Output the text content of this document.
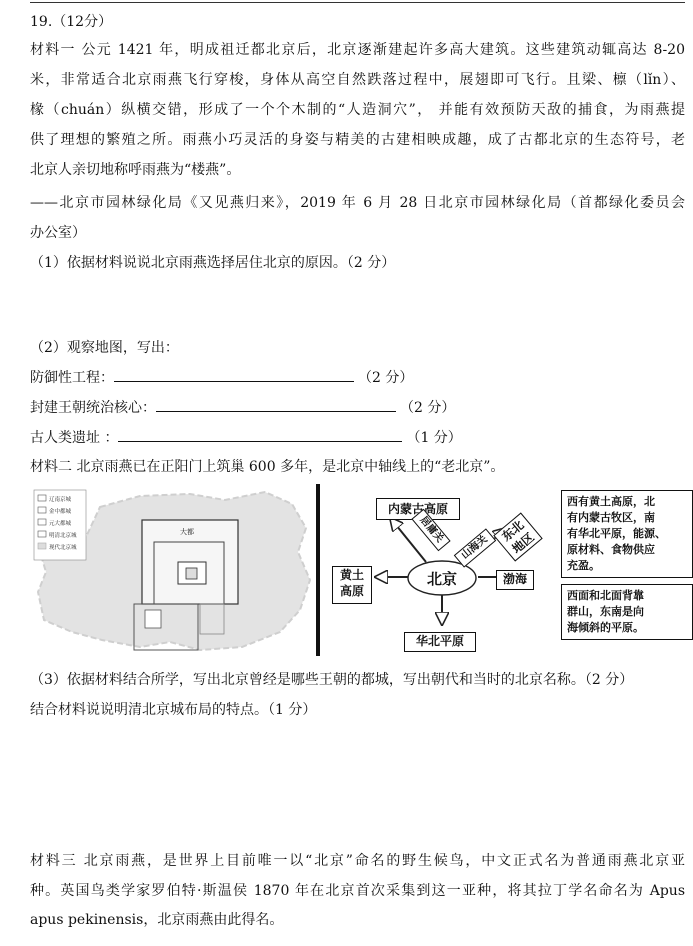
19.（12分）
材料一 公元 1421 年，明成祖迁都北京后，北京逐渐建起许多高大建筑。这些建筑动辄高达 8-20
米，非常适合北京雨燕飞行穿梭，身体从高空自然跌落过程中，展翅即可飞行。且梁、檩（lǐn）、
椽（chuán）纵横交错，形成了一个个木制的“人造洞穴”， 并能有效预防天敌的捕食，为雨燕提
供了理想的繁殖之所。雨燕小巧灵活的身姿与精美的古建相映成趣，成了古都北京的生态符号，老
北京人亲切地称呼雨燕为“楼燕”。
——北京市园林绿化局《又见燕归来》，2019 年 6 月 28 日北京市园林绿化局（首都绿化委员会
办公室）
（1）依据材料说说北京雨燕选择居住北京的原因。（2 分）
（2）观察地图，写出：
防御性工程：	（2 分）
封建王朝统治核心：	（2 分）
古人类遗址 ：	（1 分）
材料二 北京雨燕已在正阳门上筑巢 600 多年，是北京中轴线上的“老北京”。
辽南京城
金中都城
元大都城
明清北京城
现代北京城
大都
北京
内蒙古高原
黄土
高原
渤海
华北平原
居庸关
山海关
东北
地区
西有黄土高原，北
有内蒙古牧区，南
有华北平原，能源、
原材料、食物供应
充盈。
西面和北面背靠
群山，东南是向
海倾斜的平原。
（3）依据材料结合所学，写出北京曾经是哪些王朝的都城，写出朝代和当时的北京名称。（2 分）
结合材料说说明清北京城布局的特点。（1 分）
材料三 北京雨燕，是世界上目前唯一以“北京”命名的野生候鸟，中文正式名为普通雨燕北京亚
种。英国鸟类学家罗伯特·斯温侯 1870 年在北京首次采集到这一亚种，将其拉丁学名命名为 Apus
apus pekinensis，北京雨燕由此得名。
